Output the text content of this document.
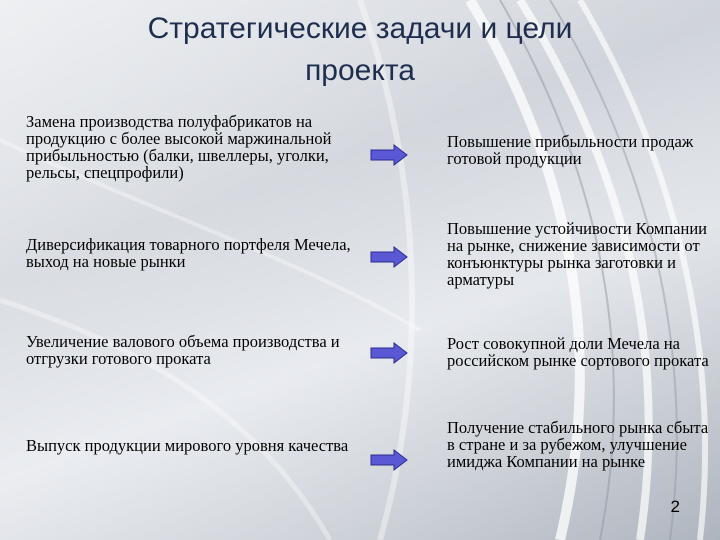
Стратегические задачи и цели
проекта
Замена производства полуфабрикатов на продукцию с более высокой маржинальной прибыльностью (балки, швеллеры, уголки, рельсы, спецпрофили)
Повышение прибыльности продаж готовой продукции
Диверсификация товарного портфеля Мечела, выход на новые рынки
Повышение устойчивости Компании на рынке, снижение зависимости от конъюнктуры рынка заготовки и арматуры
Увеличение валового объема производства и отгрузки готового проката
Рост совокупной доли Мечела на российском рынке сортового проката
Выпуск продукции мирового уровня качества
Получение стабильного рынка сбыта в стране и за рубежом, улучшение имиджа Компании на рынке
2
